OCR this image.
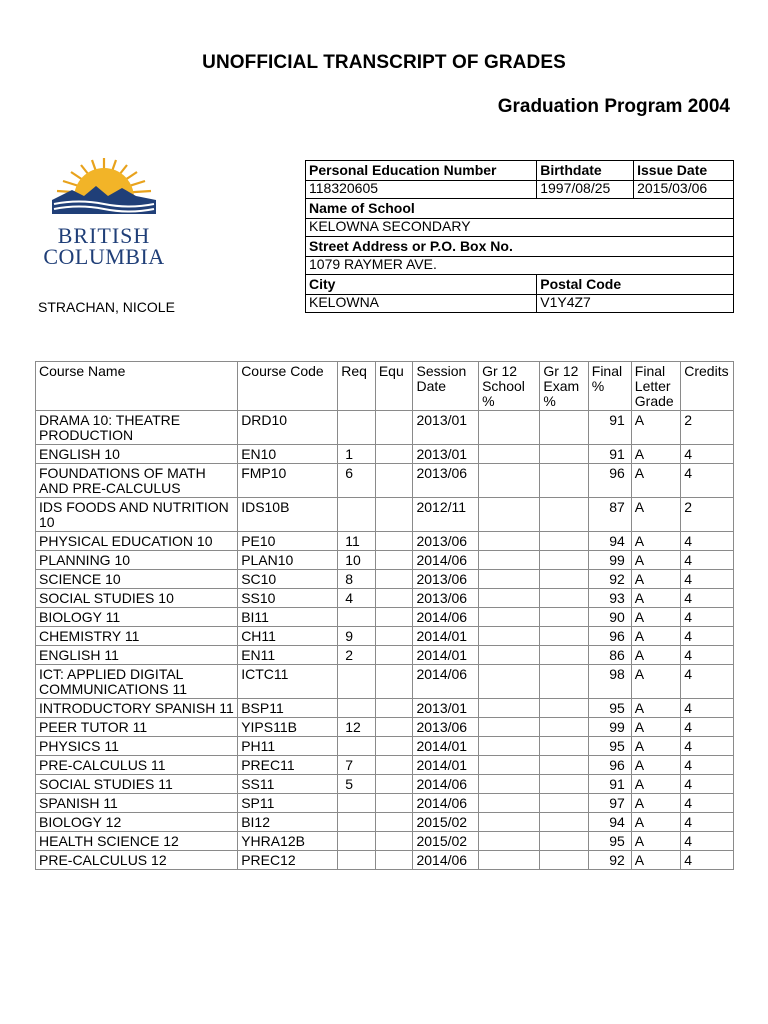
UNOFFICIAL TRANSCRIPT OF GRADES
Graduation Program 2004
BRITISH
COLUMBIA
STRACHAN, NICOLE
Personal Education Number	Birthdate	Issue Date
118320605	1997/08/25	2015/03/06
Name of School		
KELOWNA SECONDARY		
Street Address or P.O. Box No.		
1079 RAYMER AVE.		
City	Postal Code	
KELOWNA	V1Y4Z7	
Course Name	Course Code	Req	Equ	Session Date	Gr 12 School %	Gr 12 Exam %	Final %	Final Letter Grade	Credits
DRAMA 10: THEATRE PRODUCTION	DRD10			2013/01			91	A	2
ENGLISH 10	EN10	1		2013/01			91	A	4
FOUNDATIONS OF MATH AND PRE-CALCULUS	FMP10	6		2013/06			96	A	4
IDS FOODS AND NUTRITION 10	IDS10B			2012/11			87	A	2
PHYSICAL EDUCATION 10	PE10	11		2013/06			94	A	4
PLANNING 10	PLAN10	10		2014/06			99	A	4
SCIENCE 10	SC10	8		2013/06			92	A	4
SOCIAL STUDIES 10	SS10	4		2013/06			93	A	4
BIOLOGY 11	BI11			2014/06			90	A	4
CHEMISTRY 11	CH11	9		2014/01			96	A	4
ENGLISH 11	EN11	2		2014/01			86	A	4
ICT: APPLIED DIGITAL COMMUNICATIONS 11	ICTC11			2014/06			98	A	4
INTRODUCTORY SPANISH 11	BSP11			2013/01			95	A	4
PEER TUTOR 11	YIPS11B	12		2013/06			99	A	4
PHYSICS 11	PH11			2014/01			95	A	4
PRE-CALCULUS 11	PREC11	7		2014/01			96	A	4
SOCIAL STUDIES 11	SS11	5		2014/06			91	A	4
SPANISH 11	SP11			2014/06			97	A	4
BIOLOGY 12	BI12			2015/02			94	A	4
HEALTH SCIENCE 12	YHRA12B			2015/02			95	A	4
PRE-CALCULUS 12	PREC12			2014/06			92	A	4
